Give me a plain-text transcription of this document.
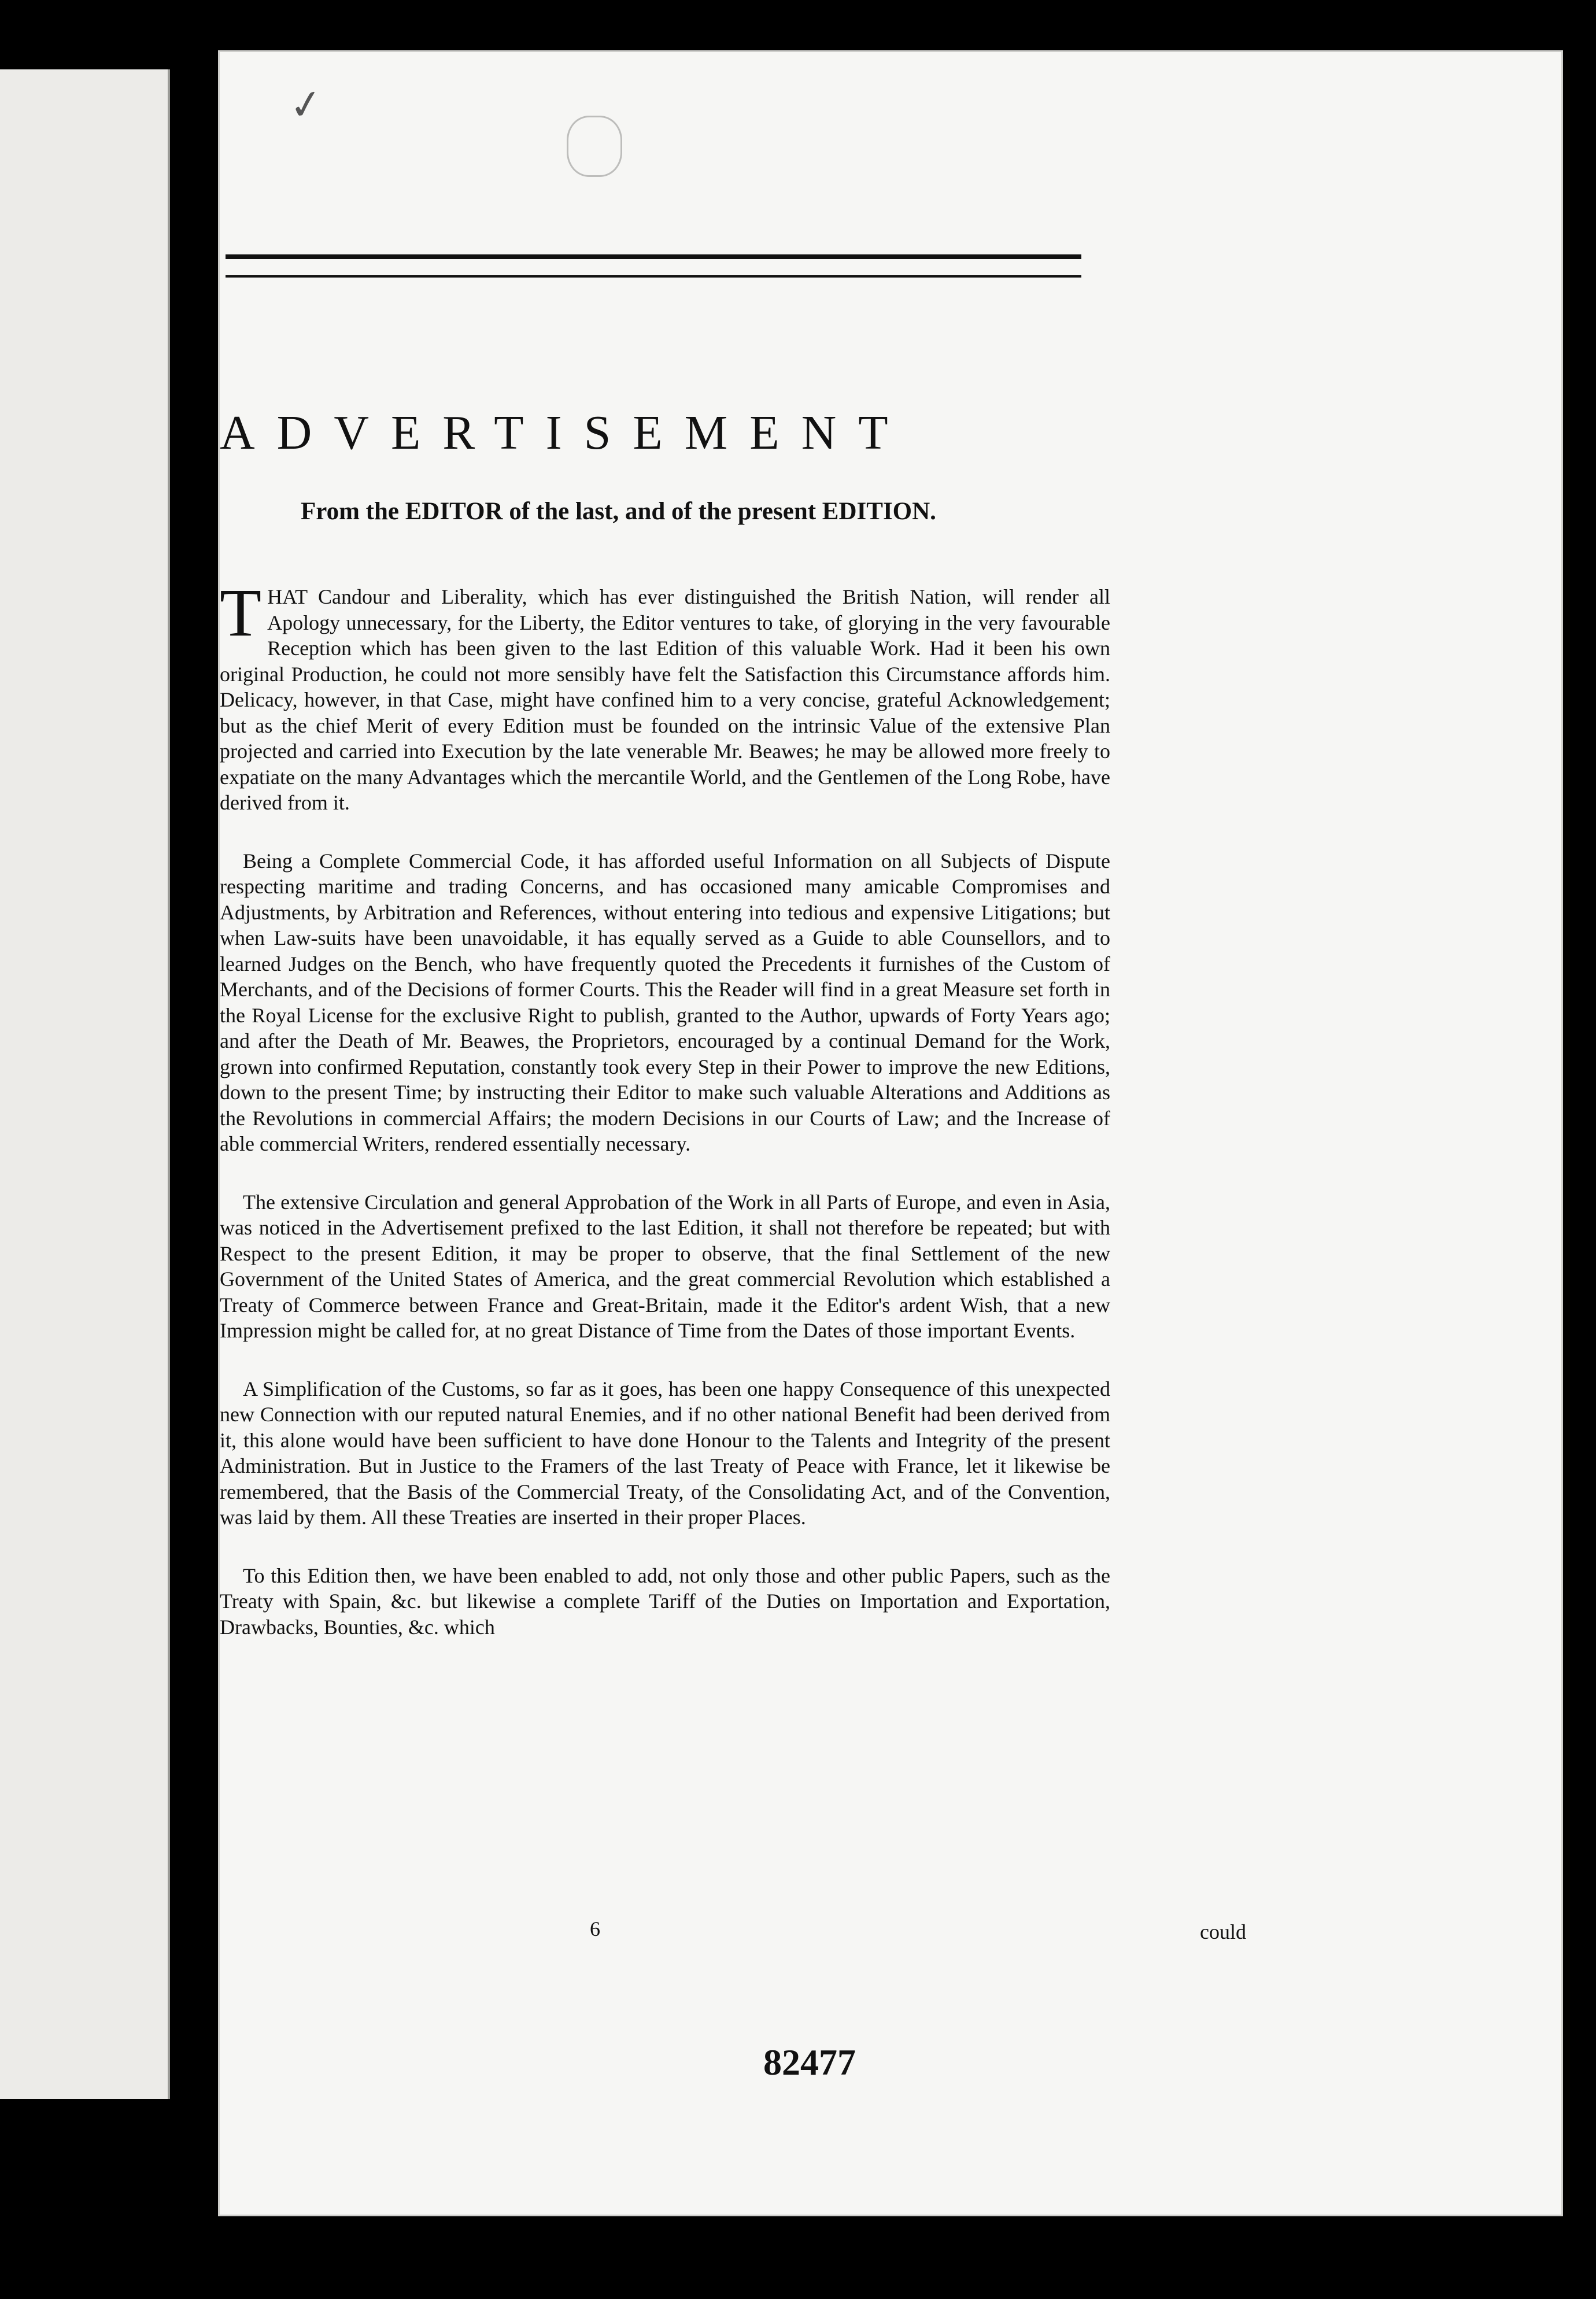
✓
ADVERTISEMENT
From the EDITOR of the last, and of the present EDITION.

THAT Candour and Liberality, which has ever distinguished the British Nation, will render all Apology unnecessary, for the Liberty, the Editor ventures to take, of glorying in the very favourable Reception which has been given to the last Edition of this valuable Work. Had it been his own original Production, he could not more sensibly have felt the Satisfaction this Circumstance affords him. Delicacy, however, in that Case, might have confined him to a very concise, grateful Acknowledgement; but as the chief Merit of every Edition must be founded on the intrinsic Value of the extensive Plan projected and carried into Execution by the late venerable Mr. Beawes; he may be allowed more freely to expatiate on the many Advantages which the mercantile World, and the Gentlemen of the Long Robe, have derived from it.

Being a Complete Commercial Code, it has afforded useful Information on all Subjects of Dispute respecting maritime and trading Concerns, and has occasioned many amicable Compromises and Adjustments, by Arbitration and References, without entering into tedious and expensive Litigations; but when Law-suits have been unavoidable, it has equally served as a Guide to able Counsellors, and to learned Judges on the Bench, who have frequently quoted the Precedents it furnishes of the Custom of Merchants, and of the Decisions of former Courts. This the Reader will find in a great Measure set forth in the Royal License for the exclusive Right to publish, granted to the Author, upwards of Forty Years ago; and after the Death of Mr. Beawes, the Proprietors, encouraged by a continual Demand for the Work, grown into confirmed Reputation, constantly took every Step in their Power to improve the new Editions, down to the present Time; by instructing their Editor to make such valuable Alterations and Additions as the Revolutions in commercial Affairs; the modern Decisions in our Courts of Law; and the Increase of able commercial Writers, rendered essentially necessary.

The extensive Circulation and general Approbation of the Work in all Parts of Europe, and even in Asia, was noticed in the Advertisement prefixed to the last Edition, it shall not therefore be repeated; but with Respect to the present Edition, it may be proper to observe, that the final Settlement of the new Government of the United States of America, and the great commercial Revolution which established a Treaty of Commerce between France and Great-Britain, made it the Editor's ardent Wish, that a new Impression might be called for, at no great Distance of Time from the Dates of those important Events.

A Simplification of the Customs, so far as it goes, has been one happy Consequence of this unexpected new Connection with our reputed natural Enemies, and if no other national Benefit had been derived from it, this alone would have been sufficient to have done Honour to the Talents and Integrity of the present Administration. But in Justice to the Framers of the last Treaty of Peace with France, let it likewise be remembered, that the Basis of the Commercial Treaty, of the Consolidating Act, and of the Convention, was laid by them. All these Treaties are inserted in their proper Places.

To this Edition then, we have been enabled to add, not only those and other public Papers, such as the Treaty with Spain, &c. but likewise a complete Tariff of the Duties on Importation and Exportation, Drawbacks, Bounties, &c. which

6	could
82477
